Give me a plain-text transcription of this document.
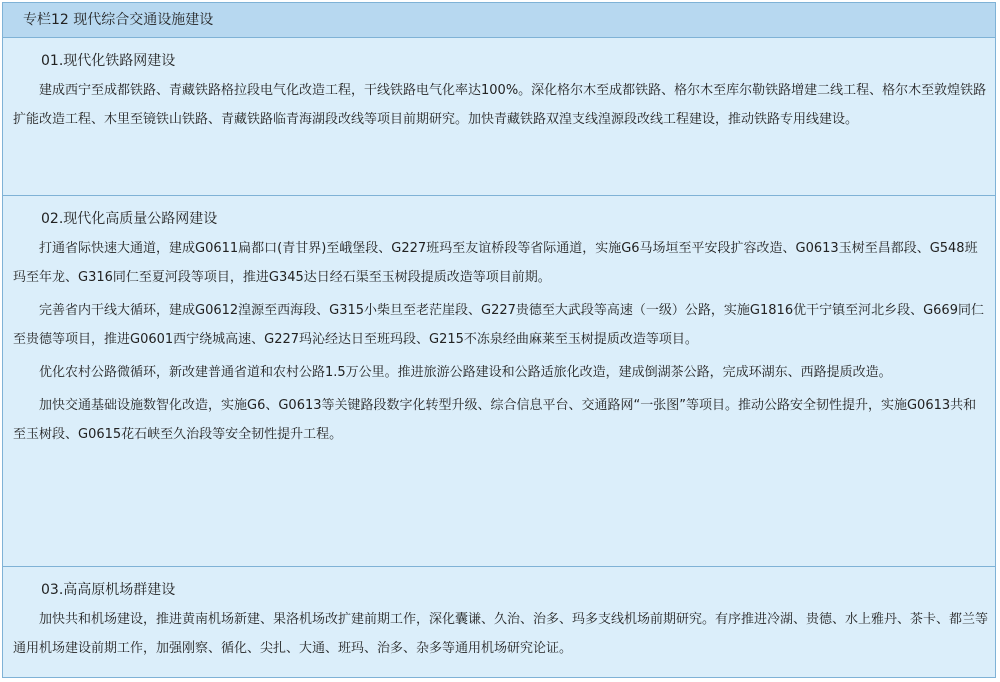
专栏12 现代综合交通设施建设
01.现代化铁路网建设

建成西宁至成都铁路、青藏铁路格拉段电气化改造工程，干线铁路电气化率达100%。深化格尔木至成都铁路、格尔木至库尔勒铁路增建二线工程、格尔木至敦煌铁路扩能改造工程、木里至镜铁山铁路、青藏铁路临青海湖段改线等项目前期研究。加快青藏铁路双湟支线湟源段改线工程建设，推动铁路专用线建设。

02.现代化高质量公路网建设

打通省际快速大通道，建成G0611扁都口(青甘界)至峨堡段、G227班玛至友谊桥段等省际通道，实施G6马场垣至平安段扩容改造、G0613玉树至昌都段、G548班玛至年龙、G316同仁至夏河段等项目，推进G345达日经石渠至玉树段提质改造等项目前期。

完善省内干线大循环，建成G0612湟源至西海段、G315小柴旦至老茫崖段、G227贵德至大武段等高速（一级）公路，实施G1816优干宁镇至河北乡段、G669同仁至贵德等项目，推进G0601西宁绕城高速、G227玛沁经达日至班玛段、G215不冻泉经曲麻莱至玉树提质改造等项目。

优化农村公路微循环，新改建普通省道和农村公路1.5万公里。推进旅游公路建设和公路适旅化改造，建成倒湖茶公路，完成环湖东、西路提质改造。

加快交通基础设施数智化改造，实施G6、G0613等关键路段数字化转型升级、综合信息平台、交通路网“一张图”等项目。推动公路安全韧性提升，实施G0613共和至玉树段、G0615花石峡至久治段等安全韧性提升工程。

03.高高原机场群建设

加快共和机场建设，推进黄南机场新建、果洛机场改扩建前期工作，深化囊谦、久治、治多、玛多支线机场前期研究。有序推进冷湖、贵德、水上雅丹、茶卡、都兰等通用机场建设前期工作，加强刚察、循化、尖扎、大通、班玛、治多、杂多等通用机场研究论证。
